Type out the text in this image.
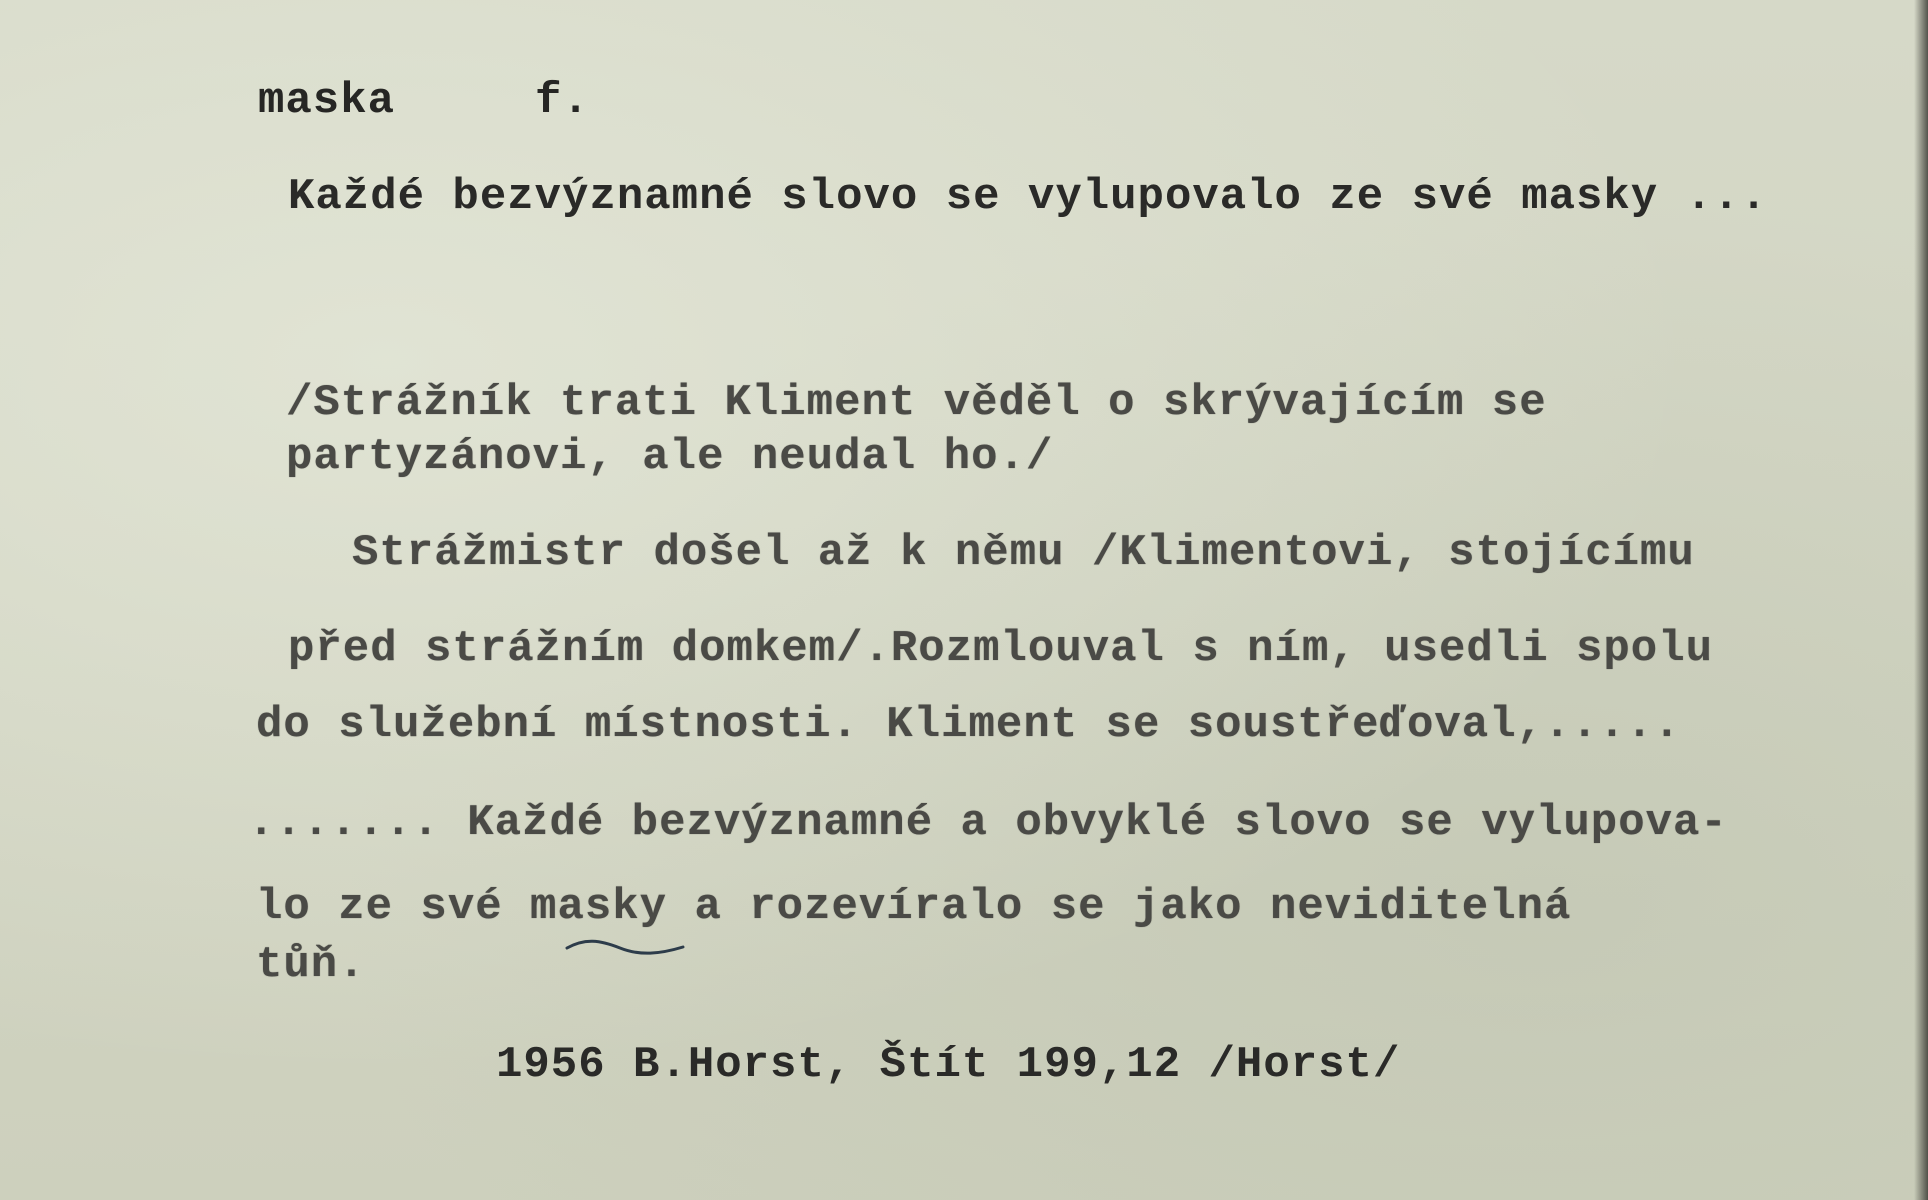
maska	f.
Každé bezvýznamné slovo se vylupovalo ze své masky ...
/Strážník trati Kliment věděl o skrývajícím se
partyzánovi, ale neudal ho./
Strážmistr došel až k němu /Klimentovi, stojícímu
před strážním domkem/.Rozmlouval s ním, usedli spolu
do služební místnosti. Kliment se soustřeďoval,.....
....... Každé bezvýznamné a obvyklé slovo se vylupova-
lo ze své masky a rozevíralo se jako neviditelná
tůň.
1956 B.Horst, Štít 199,12 /Horst/
